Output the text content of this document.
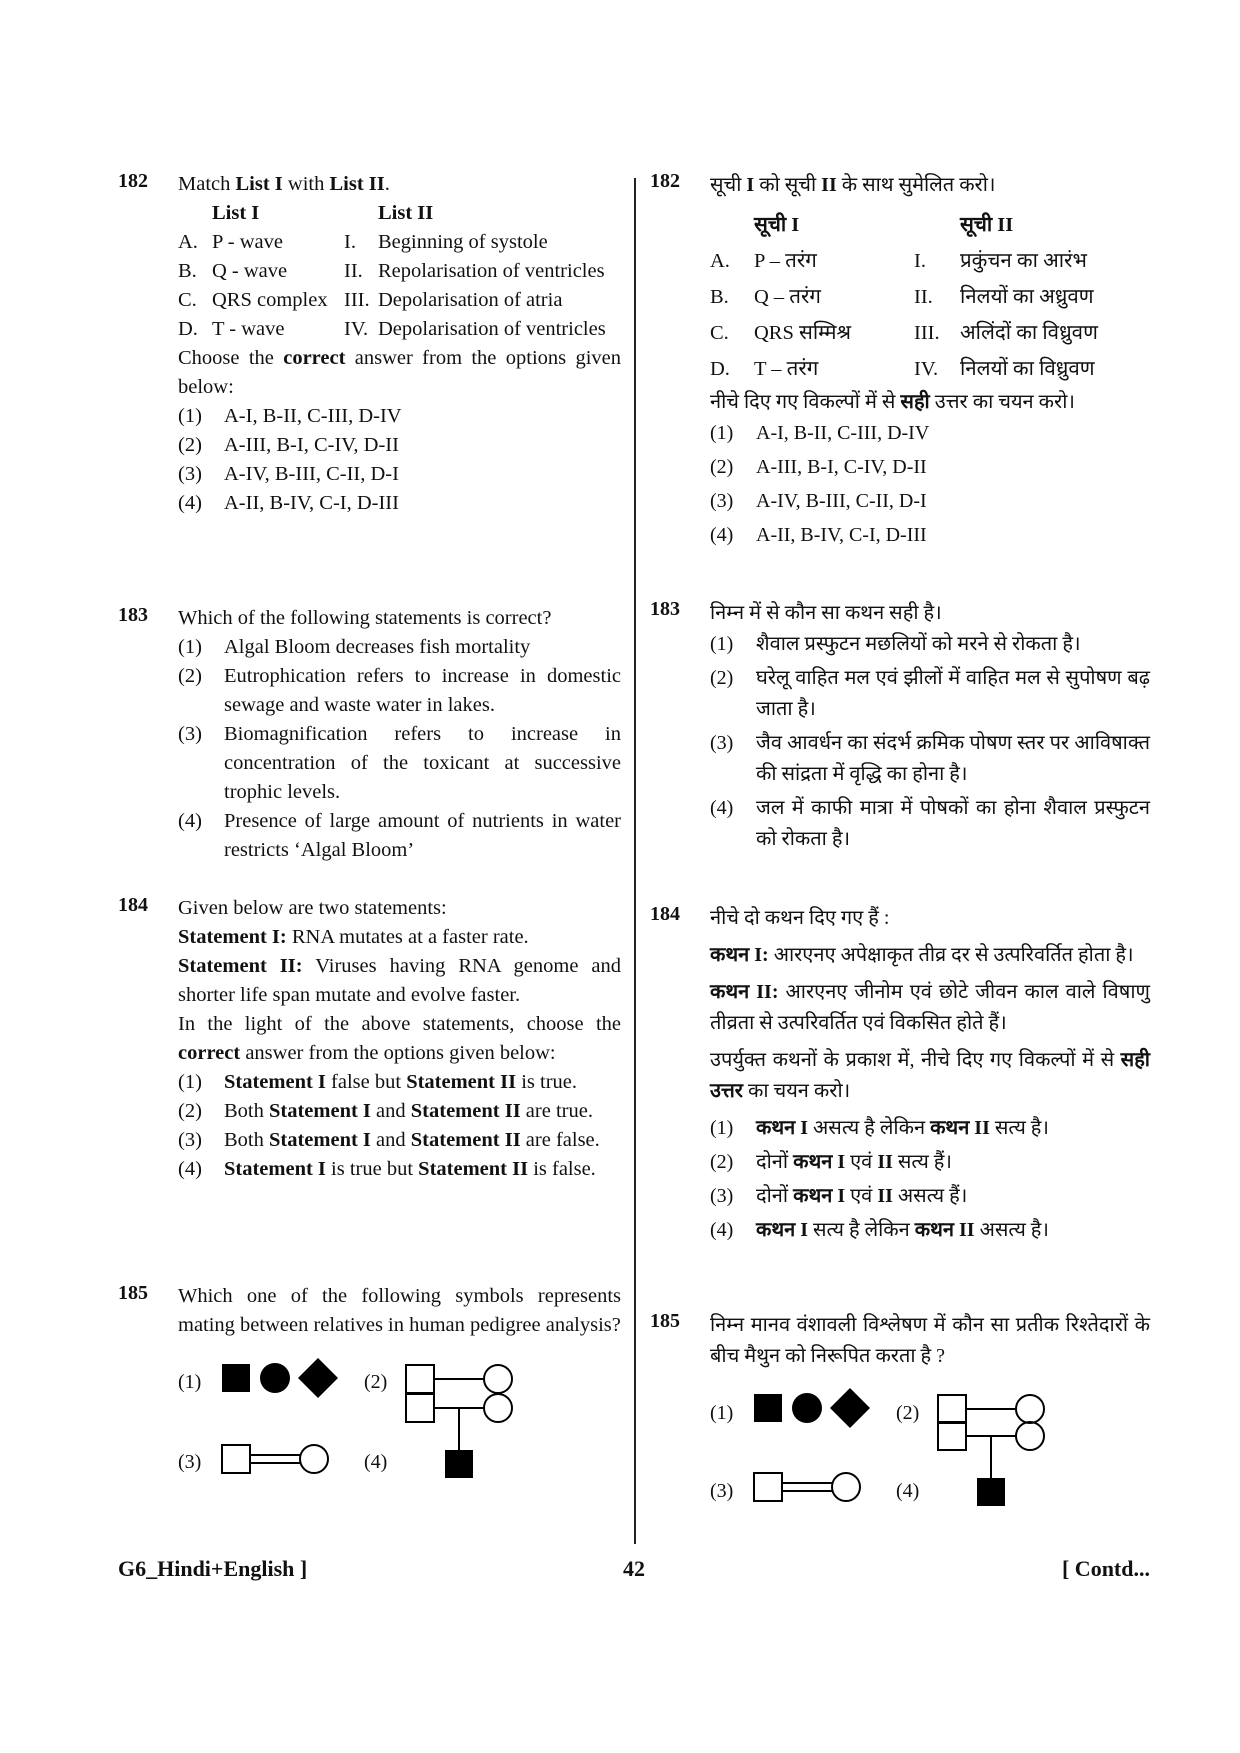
182 Match List I with List II.

	List I		List II
A.	P - wave	I.	Beginning of systole
B.	Q - wave	II.	Repolarisation of ventricles
C.	QRS complex	III.	Depolarisation of atria
D.	T - wave	IV.	Depolarisation of ventricles

Choose the correct answer from the options given below:

(1)	A-I, B-II, C-III, D-IV
(2)	A-III, B-I, C-IV, D-II
(3)	A-IV, B-III, C-II, D-I
(4)	A-II, B-IV, C-I, D-III
183 Which of the following statements is correct?

(1)	Algal Bloom decreases fish mortality
(2)	Eutrophication refers to increase in domestic sewage and waste water in lakes.
(3)	Biomagnification refers to increase in concentration of the toxicant at successive trophic levels.
(4)	Presence of large amount of nutrients in water restricts ‘Algal Bloom’
184 Given below are two statements:

Statement I: RNA mutates at a faster rate.

Statement II: Viruses having RNA genome and shorter life span mutate and evolve faster.

In the light of the above statements, choose the correct answer from the options given below:

(1)	Statement I false but Statement II is true.
(2)	Both Statement I and Statement II are true.
(3)	Both Statement I and Statement II are false.
(4)	Statement I is true but Statement II is false.
185 Which one of the following symbols represents mating between relatives in human pedigree analysis?

(1)	(2)
(3)	(4)
182 सूची I को सूची II के साथ सुमेलित करो।

	सूची I		सूची II
A.	P – तरंग	I.	प्रकुंचन का आरंभ
B.	Q – तरंग	II.	निलयों का अध्रुवण
C.	QRS सम्मिश्र	III.	अलिंदों का विध्रुवण
D.	T – तरंग	IV.	निलयों का विध्रुवण

नीचे दिए गए विकल्पों में से सही उत्तर का चयन करो।

(1)	A-I, B-II, C-III, D-IV
(2)	A-III, B-I, C-IV, D-II
(3)	A-IV, B-III, C-II, D-I
(4)	A-II, B-IV, C-I, D-III
183 निम्न में से कौन सा कथन सही है।

(1)	शैवाल प्रस्फुटन मछलियों को मरने से रोकता है।
(2)	घरेलू वाहित मल एवं झीलों में वाहित मल से सुपोषण बढ़ जाता है।
(3)	जैव आवर्धन का संदर्भ क्रमिक पोषण स्तर पर आविषाक्त की सांद्रता में वृद्धि का होना है।
(4)	जल में काफी मात्रा में पोषकों का होना शैवाल प्रस्फुटन को रोकता है।
184 नीचे दो कथन दिए गए हैं :

कथन I: आरएनए अपेक्षाकृत तीव्र दर से उत्परिवर्तित होता है।

कथन II: आरएनए जीनोम एवं छोटे जीवन काल वाले विषाणु तीव्रता से उत्परिवर्तित एवं विकसित होते हैं।

उपर्युक्त कथनों के प्रकाश में, नीचे दिए गए विकल्पों में से सही उत्तर का चयन करो।

(1)	कथन I असत्य है लेकिन कथन II सत्य है।
(2)	दोनों कथन I एवं II सत्य हैं।
(3)	दोनों कथन I एवं II असत्य हैं।
(4)	कथन I सत्य है लेकिन कथन II असत्य है।
185 निम्न मानव वंशावली विश्लेषण में कौन सा प्रतीक रिश्तेदारों के बीच मैथुन को निरूपित करता है ?

(1)	(2)
(3)	(4)
G6_Hindi+English ]	42	[ Contd...
